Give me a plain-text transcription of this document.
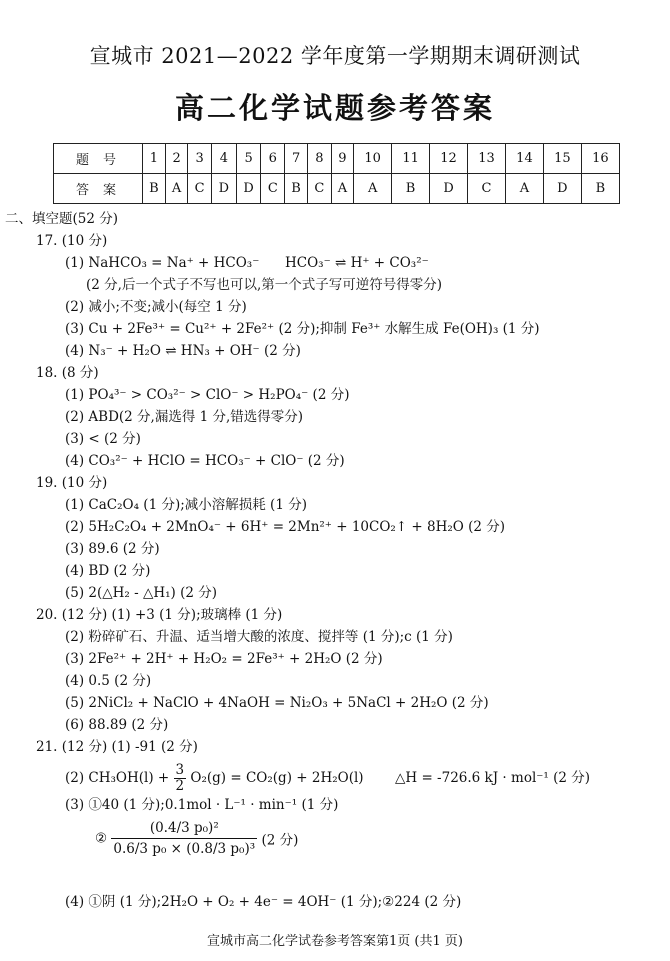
宣城市 2021—2022 学年度第一学期期末调研测试
高二化学试题参考答案
题号	1	2	3	4	5	6	7	8	9	10	11	12	13	14	15	16
答案	B	A	C	D	D	C	B	C	A	A	B	D	C	A	D	B
二、填空题(52 分)
17. (10 分)
(1) NaHCO₃ = Na⁺ + HCO₃⁻ HCO₃⁻ ⇌ H⁺ + CO₃²⁻
(2 分,后一个式子不写也可以,第一个式子写可逆符号得零分)
(2) 减小;不变;减小(每空 1 分)
(3) Cu + 2Fe³⁺ = Cu²⁺ + 2Fe²⁺ (2 分);抑制 Fe³⁺ 水解生成 Fe(OH)₃ (1 分)
(4) N₃⁻ + H₂O ⇌ HN₃ + OH⁻ (2 分)
18. (8 分)
(1) PO₄³⁻ > CO₃²⁻ > ClO⁻ > H₂PO₄⁻ (2 分)
(2) ABD(2 分,漏选得 1 分,错选得零分)
(3) < (2 分)
(4) CO₃²⁻ + HClO = HCO₃⁻ + ClO⁻ (2 分)
19. (10 分)
(1) CaC₂O₄ (1 分);减小溶解损耗 (1 分)
(2) 5H₂C₂O₄ + 2MnO₄⁻ + 6H⁺ = 2Mn²⁺ + 10CO₂↑ + 8H₂O (2 分)
(3) 89.6 (2 分)
(4) BD (2 分)
(5) 2(△H₂ - △H₁) (2 分)
20. (12 分) (1) +3 (1 分);玻璃棒 (1 分)
(2) 粉碎矿石、升温、适当增大酸的浓度、搅拌等 (1 分);c (1 分)
(3) 2Fe²⁺ + 2H⁺ + H₂O₂ = 2Fe³⁺ + 2H₂O (2 分)
(4) 0.5 (2 分)
(5) 2NiCl₂ + NaClO + 4NaOH = Ni₂O₃ + 5NaCl + 2H₂O (2 分)
(6) 88.89 (2 分)
21. (12 分) (1) -91 (2 分)
(2) $CH_3OH(l) + \frac{3}{2} O_2(g) = CO_2(g) + 2H_2O(l)$ △H = -726.6 kJ · mol⁻¹ (2 分)
(3) ①40 (1 分);0.1mol · L⁻¹ · min⁻¹ (1 分)
② $\frac{\text{(0.4/3 p₀)²}}{\text{0.6/3 p₀ × (0.8/3 p₀)³}} (2$ 分)
(4) ①阴 (1 分);2H₂O + O₂ + 4e⁻ = 4OH⁻ (1 分);②224 (2 分)
宣城市高二化学试卷参考答案第1页 (共1 页)
